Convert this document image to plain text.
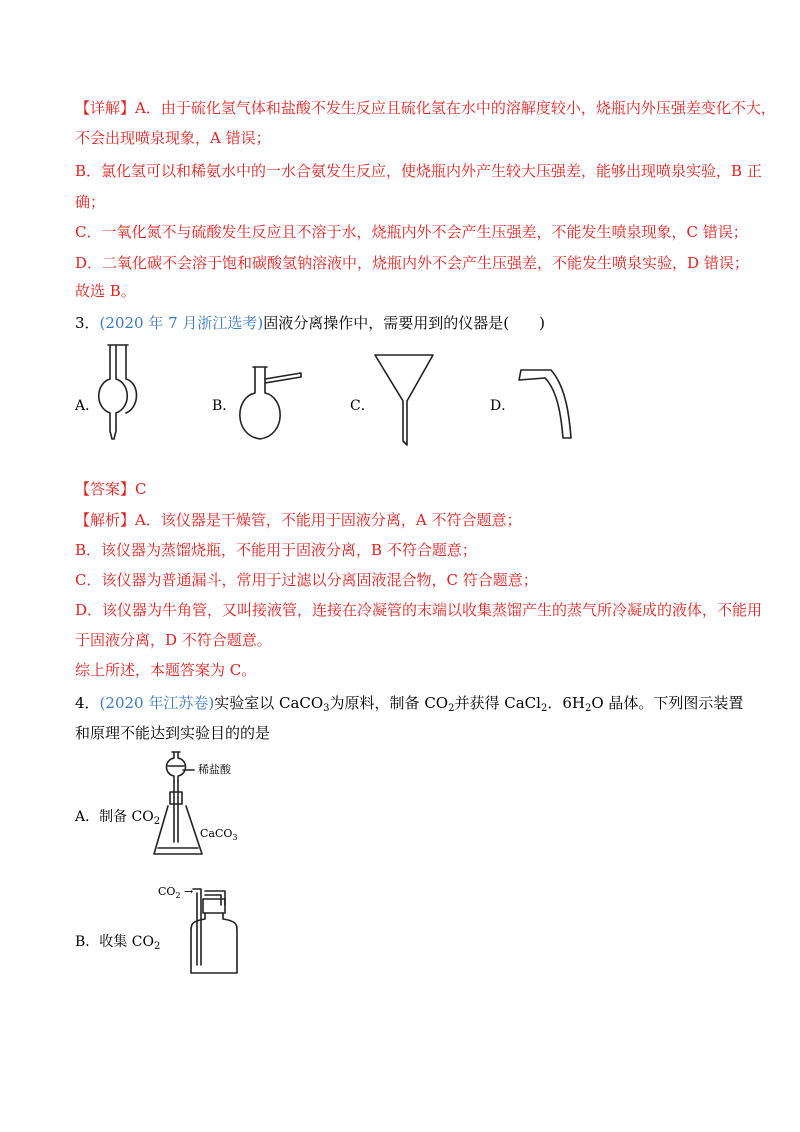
【详解】A．由于硫化氢气体和盐酸不发生反应且硫化氢在水中的溶解度较小，烧瓶内外压强差变化不大，
不会出现喷泉现象，A 错误；
B．氯化氢可以和稀氨水中的一水合氨发生反应，使烧瓶内外产生较大压强差，能够出现喷泉实验，B 正
确；
C．一氧化氮不与硫酸发生反应且不溶于水，烧瓶内外不会产生压强差，不能发生喷泉现象，C 错误；
D．二氧化碳不会溶于饱和碳酸氢钠溶液中，烧瓶内外不会产生压强差，不能发生喷泉实验，D 错误；
故选 B。
3．(2020 年 7 月浙江选考)固液分离操作中，需要用到的仪器是(　　)
A．	B．	C．	D．
【答案】C
【解析】A．该仪器是干燥管，不能用于固液分离，A 不符合题意；
B．该仪器为蒸馏烧瓶，不能用于固液分离，B 不符合题意；
C．该仪器为普通漏斗，常用于过滤以分离固液混合物，C 符合题意；
D．该仪器为牛角管，又叫接液管，连接在冷凝管的末端以收集蒸馏产生的蒸气所冷凝成的液体，不能用
于固液分离，D 不符合题意。
综上所述，本题答案为 C。
4．(2020 年江苏卷)实验室以 CaCO$_3$为原料，制备 $CO_2$并获得 CaCl$_2$．$6H_2O$ 晶体。下列图示装置
和原理不能达到实验目的的是
A．制备 $CO_2$
稀盐酸
CaCO$_3$
B．收集 $CO_2$
$CO_2$ →
